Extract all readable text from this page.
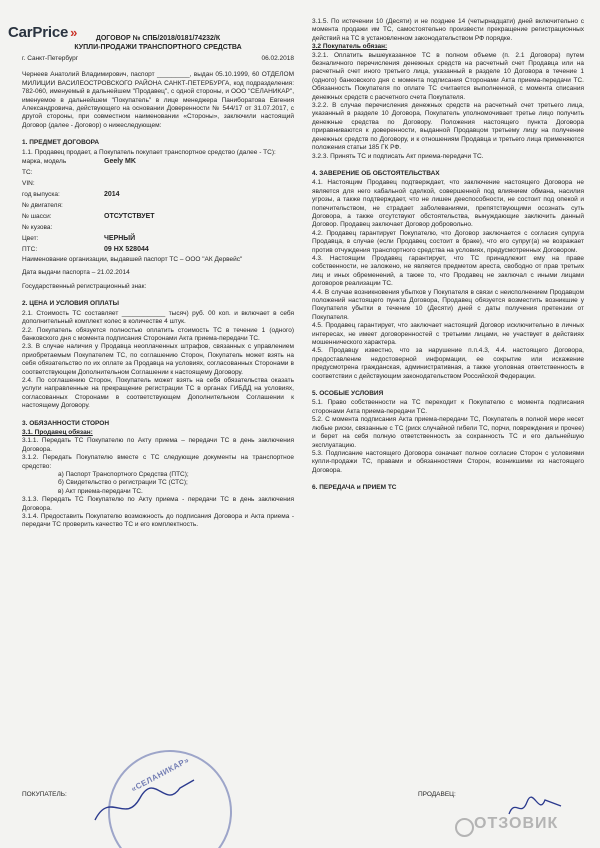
CarPrice »	ДОГОВОР № СПБ/2018/0181/74232/К
КУПЛИ-ПРОДАЖИ ТРАНСПОРТНОГО СРЕДСТВА
г. Санкт-Петербург	06.02.2018

Чернеев Анатолий Владимирович, паспорт _________, выдан 05.10.1999, 60 ОТДЕЛОМ МИЛИЦИИ ВАСИЛЕОСТРОВСКОГО РАЙОНА САНКТ-ПЕТЕРБУРГА, код подразделения: 782-060, именуемый в дальнейшем "Продавец", с одной стороны, и ООО "СЕЛАНИКАР", именуемое в дальнейшем "Покупатель" в лице менеджера Паниборатова Евгения Александровича, действующего на основании Доверенности № 544/17 от 31.07.2017, с другой стороны, при совместном наименовании «Стороны», заключили настоящий Договор (далее - Договор) о нижеследующем:

1. ПРЕДМЕТ ДОГОВОРА

1.1. Продавец продает, а Покупатель покупает транспортное средство (далее - ТС):

марка, модель	Geely MK
ТС:
VIN:
год выпуска:	2014
№ двигателя:
№ шасси:	ОТСУТСТВУЕТ
№ кузова:
Цвет:	ЧЕРНЫЙ
ПТС:	09 НХ 528044

Наименование организации, выдавшей паспорт ТС – ООО "АК Дервейс"

Дата выдачи паспорта – 21.02.2014

Государственный регистрационный знак:

2. ЦЕНА И УСЛОВИЯ ОПЛАТЫ

2.1. Стоимость ТС составляет ____________ тысяч) руб. 00 коп. и включает в себя дополнительный комплект колес в количестве 4 штук.

2.2. Покупатель обязуется полностью оплатить стоимость ТС в течение 1 (одного) банковского дня с момента подписания Сторонами Акта приема-передачи ТС.

2.3. В случае наличия у Продавца неоплаченных штрафов, связанных с управлением приобретаемым Покупателем ТС, по соглашению Сторон, Покупатель может взять на себя обязательство по их оплате за Продавца на условиях, согласованных Сторонами в соответствующем Дополнительном Соглашении к настоящему Договору.

2.4. По соглашению Сторон, Покупатель может взять на себя обязательства оказать услуги направленные на прекращение регистрации ТС в органах ГИБДД на условиях, согласованных Сторонами в соответствующем Дополнительном Соглашении к настоящему Договору.

3. ОБЯЗАННОСТИ СТОРОН

3.1. Продавец обязан:

3.1.1. Передать ТС Покупателю по Акту приема – передачи ТС в день заключения Договора.

3.1.2. Передать Покупателю вместе с ТС следующие документы на транспортное средство:

а) Паспорт Транспортного Средства (ПТС);

б) Свидетельство о регистрации ТС (СТС);

в) Акт приема-передачи ТС.

3.1.3. Передать ТС Покупателю по Акту приема - передачи ТС в день заключения Договора.

3.1.4. Предоставить Покупателю возможность до подписания Договора и Акта приема - передачи ТС проверить качество ТС и его комплектность.

3.1.5. По истечении 10 (Десяти) и не позднее 14 (четырнадцати) дней включительно с момента продажи им ТС, самостоятельно произвести прекращение регистрационных действий на ТС в установленном законодательством РФ порядке.

3.2 Покупатель обязан:

3.2.1. Оплатить вышеуказанное ТС в полном объеме (п. 2.1 Договора) путем безналичного перечисления денежных средств на расчетный счет Продавца или на расчетный счет иного третьего лица, указанный в разделе 10 Договора в течение 1 (одного) банковского дня с момента подписания Сторонами Акта приема-передачи ТС. Обязанность Покупателя по оплате ТС считается выполненной, с момента списания денежных средств с расчетного счета Покупателя.

3.2.2. В случае перечисления денежных средств на расчетный счет третьего лица, указанный в разделе 10 Договора, Покупатель уполномочивает третье лицо получить денежные средства по Договору. Положения настоящего пункта Договора приравниваются к доверенности, выданной Продавцом третьему лицу на получение денежных средств по Договору, и к отношениям Продавца и третьего лица применяются положения статьи 185 ГК РФ.

3.2.3. Принять ТС и подписать Акт приема-передачи ТС.

4. ЗАВЕРЕНИЕ ОБ ОБСТОЯТЕЛЬСТВАХ

4.1. Настоящим Продавец подтверждает, что заключение настоящего Договора не является для него кабальной сделкой, совершенной под влиянием обмана, насилия угрозы, а также подтверждает, что не лишен дееспособности, не состоит под опекой и попечительством, не страдает заболеваниями, препятствующими осознать суть Договора, а также отсутствуют обстоятельства, вынуждающие заключить данный Договор. Продавец заключает Договор добровольно.

4.2. Продавец гарантирует Покупателю, что Договор заключается с согласия супруга Продавца, в случае (если Продавец состоит в браке), что его супруг(а) не возражает против отчуждения транспортного средства на условиях, предусмотренных Договором.

4.3. Настоящим Продавец гарантирует, что ТС принадлежит ему на праве собственности, не заложено, не является предметом ареста, свободно от прав третьих лиц и иных обременений, а также то, что Продавец не заключал с иными лицами договоров реализации ТС.

4.4. В случае возникновения убытков у Покупателя в связи с неисполнением Продавцом положений настоящего пункта Договора, Продавец обязуется возместить возникшие у Покупателя убытки в течение 10 (Десяти) дней с даты получения претензии от Покупателя.

4.5. Продавец гарантирует, что заключает настоящий Договор исключительно в личных интересах, не имеет договоренностей с третьими лицами, не участвует в действиях мошеннического характера.

4.5. Продавцу известно, что за нарушение п.п.4.3, 4.4. настоящего Договора, предоставление недостоверной информации, ее сокрытие или искажение предусмотрена гражданская, административная, а также уголовная ответственность в соответствии с действующим законодательством Российской Федерации.

5. ОСОБЫЕ УСЛОВИЯ

5.1. Право собственности на ТС переходит к Покупателю с момента подписания сторонами Акта приема-передачи ТС.

5.2. С момента подписания Акта приема-передачи ТС, Покупатель в полной мере несет любые риски, связанные с ТС (риск случайной гибели ТС, порчи, повреждения и прочее) и берет на себя полную ответственность за сохранность ТС и его дальнейшую эксплуатацию.

5.3. Подписание настоящего Договора означает полное согласие Сторон с условиями купли-продажи ТС, правами и обязанностями Сторон, возникшими из настоящего Договора.

6. ПЕРЕДАЧА и ПРИЕМ ТС
ПОКУПАТЕЛЬ:
«СЕЛАНИКАР»
ПРОДАВЕЦ:
ОТЗОВИК
